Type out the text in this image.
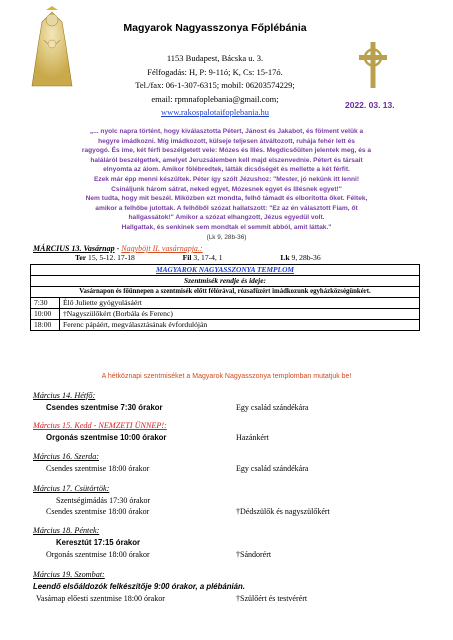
Magyarok Nagyasszonya Főplébánia
1153 Budapest, Bácska u. 3.
Félfogadás: H, P: 9-11ó; K, Cs: 15-17ó.
Tel./fax: 06-1-307-6315; mobil: 06203574229;
email: rpmnafoplebania@gmail.com;
www.rakospalotaifoplebania.hu
2022. 03. 13.
„... nyolc napra történt, hogy kiválasztotta Pétert, Jánost és Jakabot, és fölment velük a
hegyre imádkozni. Míg imádkozott, külseje teljesen átváltozott, ruhája fehér lett és
ragyogó. És íme, két férfi beszélgetett vele: Mózes és Illés. Megdicsőülten jelentek meg, és a
haláláról beszélgettek, amelyet Jeruzsálemben kell majd elszenvednie. Pétert és társait
elnyomta az álom. Amikor fölébredtek, látták dicsőségét és mellette a két férfit.
Ezek már épp menni készültek. Péter így szólt Jézushoz: "Mester, jó nekünk itt lenni!
Csináljunk három sátrat, neked egyet, Mózesnek egyet és Illésnek egyet!"
Nem tudta, hogy mit beszél. Miközben ezt mondta, felhő támadt és elborította őket. Féltek,
amikor a felhőbe jutottak. A felhőből szózat hallatszott: "Ez az én választott Fiam, őt
hallgassátok!" Amikor a szózat elhangzott, Jézus egyedül volt.
Hallgattak, és senkinek sem mondtak el semmit abból, amit láttak."
(Lk 9, 28b-36)
MÁRCIUS 13. Vasárnap - Nagyböjt II. vasárnapja.:
Ter 15, 5-12. 17-18	Fil 3, 17-4, 1	Lk 9, 28b-36
MAGYAROK NAGYASSZONYA TEMPLOM	
Szentmisék rendje és ideje:	
Vasárnapon és főünnepen a szentmisék előtt félórával, rózsafüzért imádkozunk egyházközségünkért.	
7:30	Élő Juliette gyógyulásáért
10:00	†Nagyszülőkért (Borbála és Ferenc)
18:00	Ferenc pápáért, megválasztásának évfordulóján
A hétköznapi szentmiséket a Magyarok Nagyasszonya templomban mutatjuk be!
Március 14. Hétfő:
Csendes szentmise 7:30 órakor	Egy család szándékára
Március 15. Kedd - NEMZETI ÜNNEP!:
Orgonás szentmise 10:00 órakor	Hazánkért
Március 16. Szerda:
Csendes szentmise 18:00 órakor	Egy család szándékára
Március 17. Csütörtök:
Szentségimádás 17:30 órakor
Csendes szentmise 18:00 órakor	†Dédszülők és nagyszülőkért
Március 18. Péntek:
Keresztút 17:15 órakor
Orgonás szentmise 18:00 órakor	†Sándorért
Március 19. Szombat:
Leendő elsőáldozók felkészítője 9:00 órakor, a plébánián.
Vasárnap előesti szentmise 18:00 órakor	†Szülőért és testvérért
